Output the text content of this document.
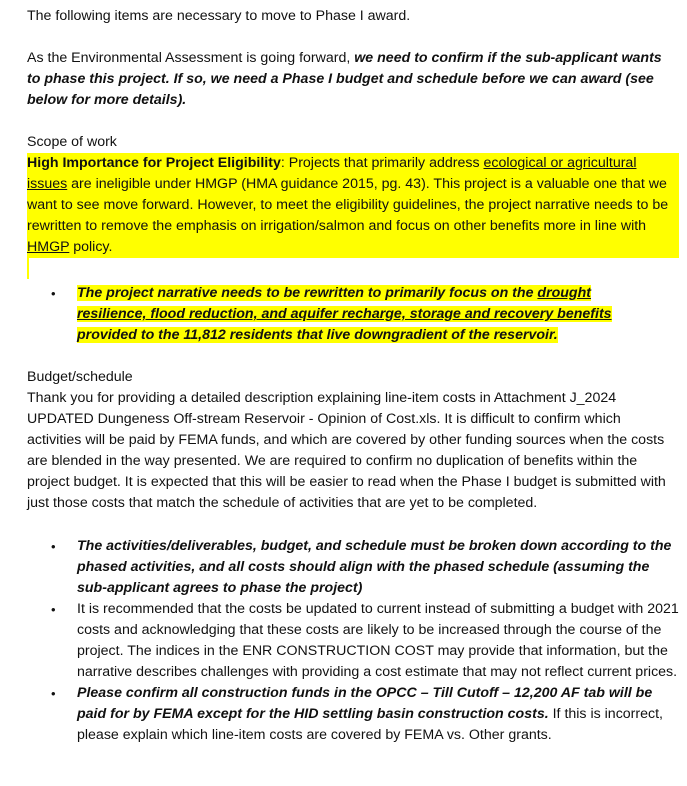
The following items are necessary to move to Phase I award.

As the Environmental Assessment is going forward, we need to confirm if the sub-applicant wants to phase this project. If so, we need a Phase I budget and schedule before we can award (see below for more details).

Scope of work

High Importance for Project Eligibility: Projects that primarily address ecological or agricultural issues are ineligible under HMGP (HMA guidance 2015, pg. 43). This project is a valuable one that we want to see move forward. However, to meet the eligibility guidelines, the project narrative needs to be rewritten to remove the emphasis on irrigation/salmon and focus on other benefits more in line with HMGP policy.

• The project narrative needs to be rewritten to primarily focus on the drought resilience, flood reduction, and aquifer recharge, storage and recovery benefits provided to the 11,812 residents that live downgradient of the reservoir.

Budget/schedule

Thank you for providing a detailed description explaining line-item costs in Attachment J_2024 UPDATED Dungeness Off-stream Reservoir - Opinion of Cost.xls. It is difficult to confirm which activities will be paid by FEMA funds, and which are covered by other funding sources when the costs are blended in the way presented. We are required to confirm no duplication of benefits within the project budget. It is expected that this will be easier to read when the Phase I budget is submitted with just those costs that match the schedule of activities that are yet to be completed.

• The activities/deliverables, budget, and schedule must be broken down according to the phased activities, and all costs should align with the phased schedule (assuming the sub-applicant agrees to phase the project)
• It is recommended that the costs be updated to current instead of submitting a budget with 2021 costs and acknowledging that these costs are likely to be increased through the course of the project. The indices in the ENR CONSTRUCTION COST may provide that information, but the narrative describes challenges with providing a cost estimate that may not reflect current prices.
• Please confirm all construction funds in the OPCC – Till Cutoff – 12,200 AF tab will be paid for by FEMA except for the HID settling basin construction costs. If this is incorrect, please explain which line-item costs are covered by FEMA vs. Other grants.
